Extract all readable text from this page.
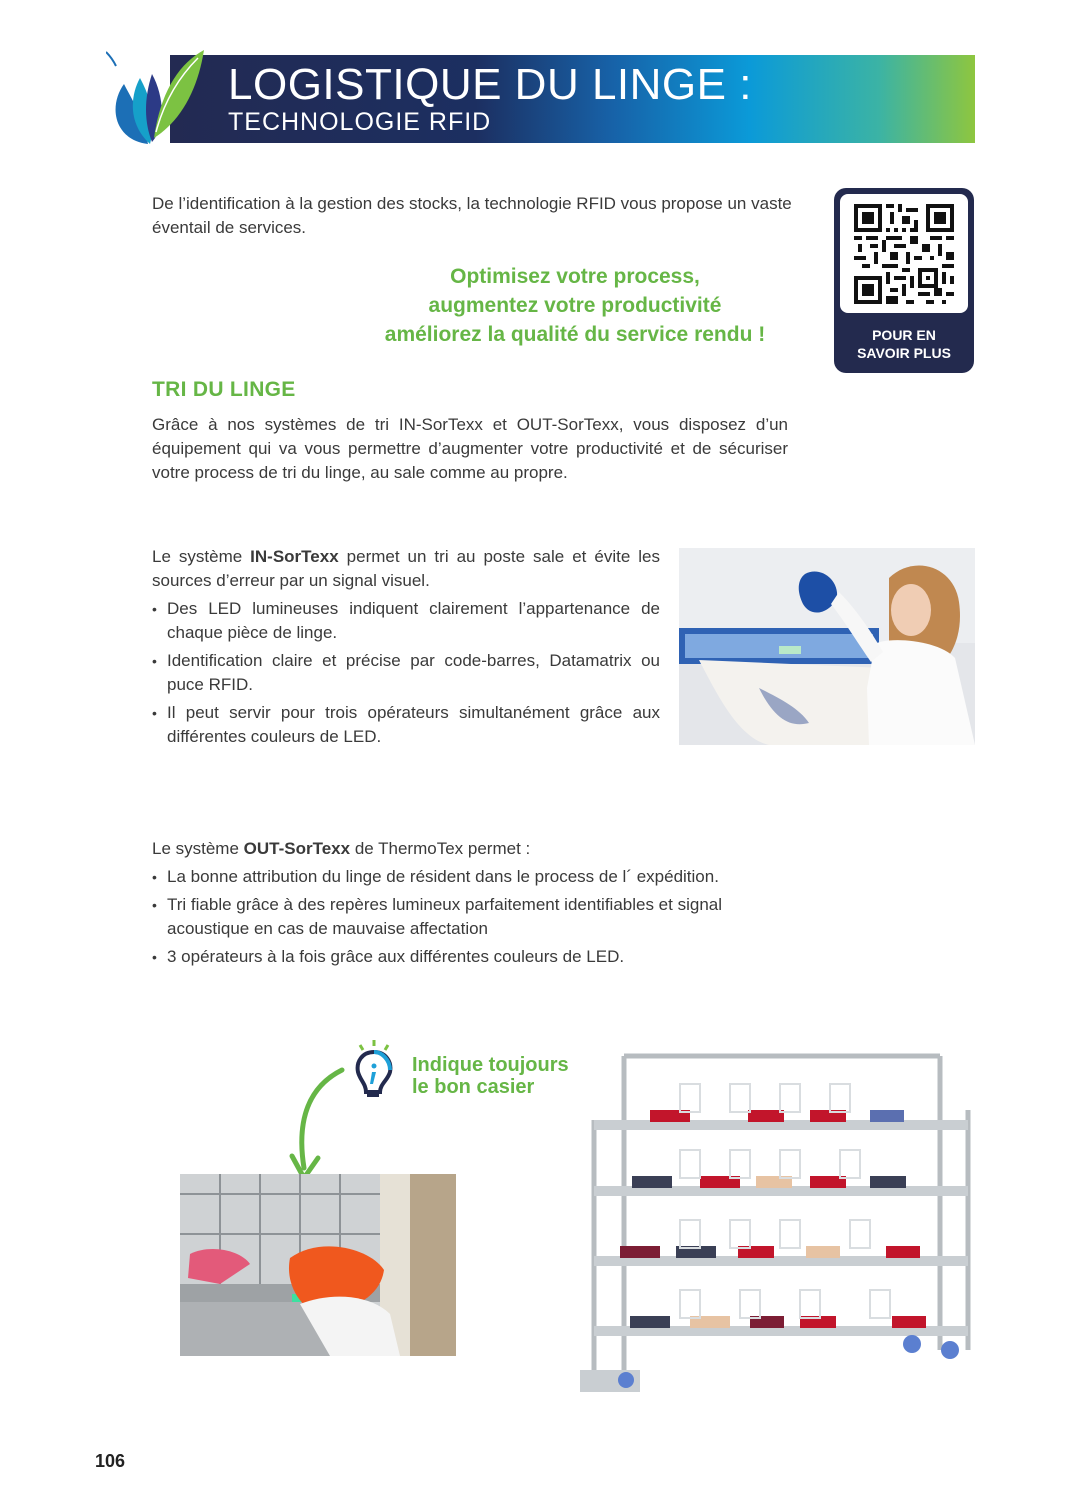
LOGISTIQUE DU LINGE :
TECHNOLOGIE RFID
De l’identification à la gestion des stocks, la technologie RFID vous propose un vaste éventail de services.
Optimisez votre process,
augmentez votre productivité
améliorez la qualité du service rendu !	POUR EN
SAVOIR PLUS
TRI DU LINGE
Grâce à nos systèmes de tri IN-SorTexx et OUT-SorTexx, vous disposez d’un équipement qui va vous permettre d’augmenter votre productivité et de sécuriser votre process de tri du linge, au sale comme au propre.
Le système IN-SorTexx permet un tri au poste sale et évite les sources d’erreur par un signal visuel.
• Des LED lumineuses indiquent clairement l’appartenance de chaque pièce de linge.
• Identification claire et précise par code-barres, Datamatrix ou puce RFID.
• Il peut servir pour trois opérateurs simultanément grâce aux différentes couleurs de LED.
Le système OUT-SorTexx de ThermoTex permet :
• La bonne attribution du linge de résident dans le process de l´ expédition.
• Tri fiable grâce à des repères lumineux parfaitement identifiables et signal acoustique en cas de mauvaise affectation
• 3 opérateurs à la fois grâce aux différentes couleurs de LED.
Indique toujours
le bon casier
106
